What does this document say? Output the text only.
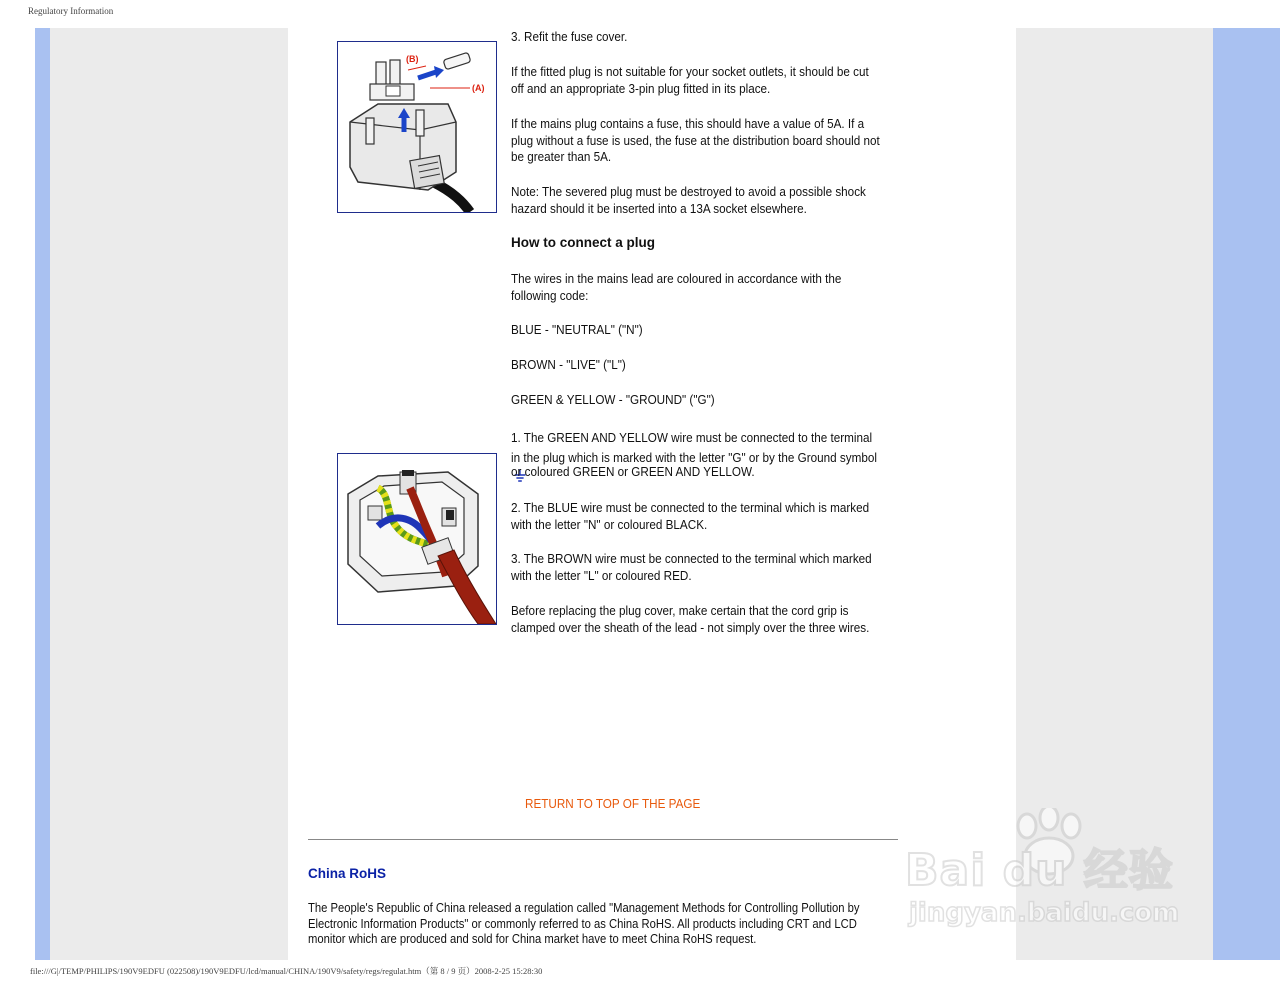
Regulatory Information
(B)
(A)
3. Refit the fuse cover.
If the fitted plug is not suitable for your socket outlets, it should be cut off and an appropriate 3-pin plug fitted in its place.
If the mains plug contains a fuse, this should have a value of 5A. If a plug without a fuse is used, the fuse at the distribution board should not be greater than 5A.
Note: The severed plug must be destroyed to avoid a possible shock hazard should it be inserted into a 13A socket elsewhere.
How to connect a plug
The wires in the mains lead are coloured in accordance with the following code:
BLUE - "NEUTRAL" ("N")
BROWN - "LIVE" ("L")
GREEN & YELLOW - "GROUND" ("G")
1. The GREEN AND YELLOW wire must be connected to the terminal in the plug which is marked with the letter "G" or by the Ground symbol
or coloured GREEN or GREEN AND YELLOW.
2. The BLUE wire must be connected to the terminal which is marked with the letter "N" or coloured BLACK.
3. The BROWN wire must be connected to the terminal which marked with the letter "L" or coloured RED.
Before replacing the plug cover, make certain that the cord grip is clamped over the sheath of the lead - not simply over the three wires.
RETURN TO TOP OF THE PAGE
China RoHS
The People's Republic of China released a regulation called "Management Methods for Controlling Pollution by Electronic Information Products" or commonly referred to as China RoHS. All products including CRT and LCD monitor which are produced and sold for China market have to meet China RoHS request.
Bai du 经验
jingyan.baidu.com
file:///G|/TEMP/PHILIPS/190V9EDFU (022508)/190V9EDFU/lcd/manual/CHINA/190V9/safety/regs/regulat.htm（第 8 / 9 页）2008-2-25 15:28:30
